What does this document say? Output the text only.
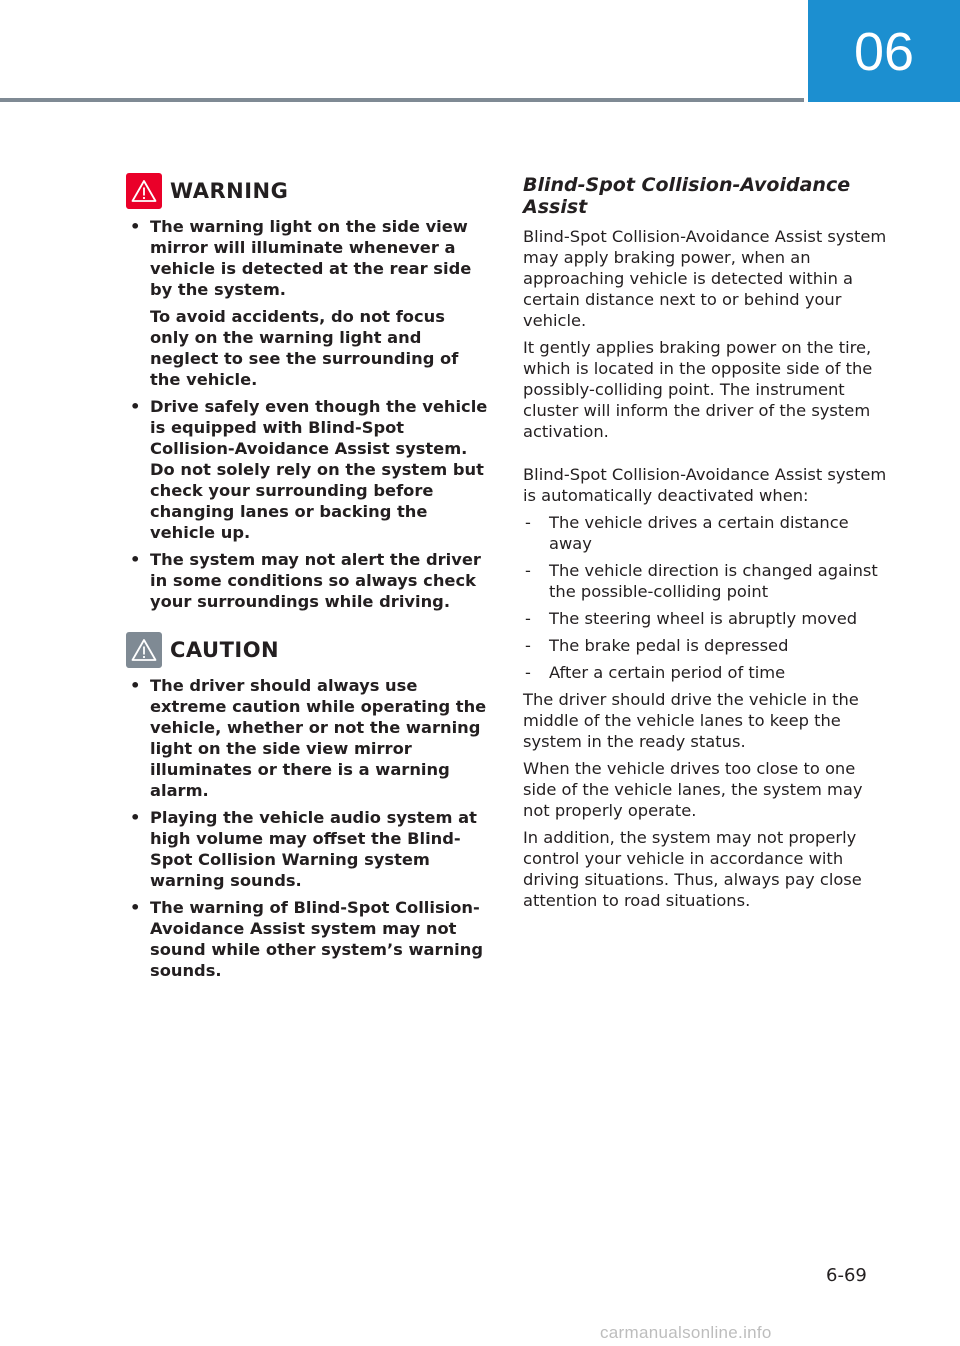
06
WARNING
• The warning light on the side view mirror will illuminate whenever a vehicle is detected at the rear side by the system.

To avoid accidents, do not focus only on the warning light and neglect to see the surrounding of the vehicle.

• Drive safely even though the vehicle is equipped with Blind-Spot Collision-Avoidance Assist system. Do not solely rely on the system but check your surrounding before changing lanes or backing the vehicle up.
• The system may not alert the driver in some conditions so always check your surroundings while driving.
CAUTION
• The driver should always use extreme caution while operating the vehicle, whether or not the warning light on the side view mirror illuminates or there is a warning alarm.
• Playing the vehicle audio system at high volume may offset the Blind-Spot Collision Warning system warning sounds.
• The warning of Blind-Spot Collision-Avoidance Assist system may not sound while other system’s warning sounds.
Blind-Spot Collision-Avoidance Assist

Blind-Spot Collision-Avoidance Assist system may apply braking power, when an approaching vehicle is detected within a certain distance next to or behind your vehicle.

It gently applies braking power on the tire, which is located in the opposite side of the possibly-colliding point. The instrument cluster will inform the driver of the system activation.

Blind-Spot Collision-Avoidance Assist system is automatically deactivated when:

- The vehicle drives a certain distance away
- The vehicle direction is changed against the possible-colliding point
- The steering wheel is abruptly moved
- The brake pedal is depressed
- After a certain period of time

The driver should drive the vehicle in the middle of the vehicle lanes to keep the system in the ready status.

When the vehicle drives too close to one side of the vehicle lanes, the system may not properly operate.

In addition, the system may not properly control your vehicle in accordance with driving situations. Thus, always pay close attention to road situations.

6-69
carmanualsonline.info
